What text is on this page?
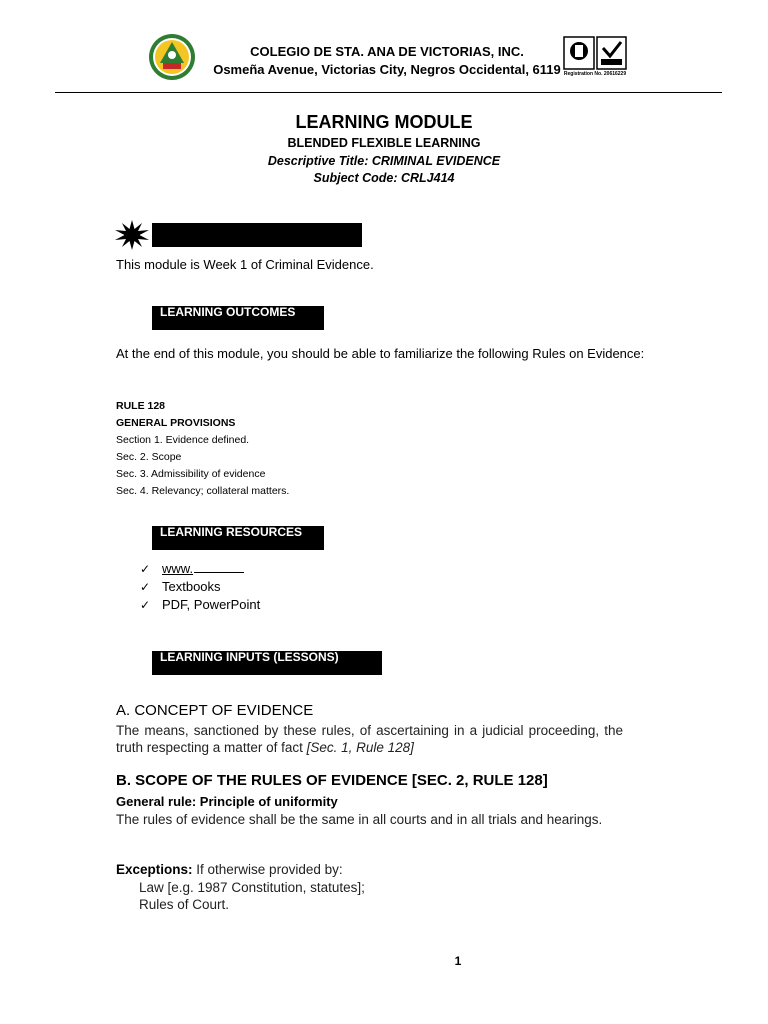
COLEGIO DE STA. ANA DE VICTORIAS, INC.
Osmeña Avenue, Victorias City, Negros Occidental, 6119 Registration No. 20616229
LEARNING MODULE
BLENDED FLEXIBLE LEARNING
Descriptive Title: CRIMINAL EVIDENCE
Subject Code: CRLJ414
This module is Week 1 of Criminal Evidence.
LEARNING OUTCOMES
At the end of this module, you should be able to familiarize the following Rules on Evidence:
RULE 128
GENERAL PROVISIONS
Section 1. Evidence defined.
Sec. 2. Scope
Sec. 3. Admissibility of evidence
Sec. 4. Relevancy; collateral matters.
LEARNING RESOURCES
✓ www.
✓ Textbooks
✓ PDF, PowerPoint
LEARNING INPUTS (LESSONS)
A. CONCEPT OF EVIDENCE
The means, sanctioned by these rules, of ascertaining in a judicial proceeding, the truth respecting a matter of fact [Sec. 1, Rule 128]
B. SCOPE OF THE RULES OF EVIDENCE [SEC. 2, RULE 128]
General rule: Principle of uniformity
The rules of evidence shall be the same in all courts and in all trials and hearings.
Exceptions: If otherwise provided by:
Law [e.g. 1987 Constitution, statutes];
Rules of Court.
1
